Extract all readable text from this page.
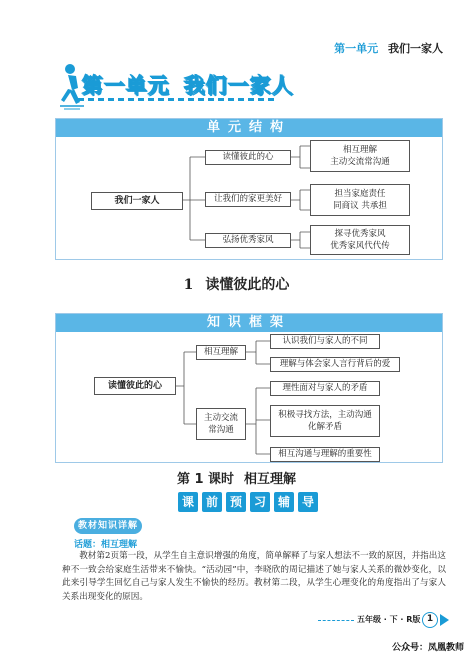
第一单元 我们一家人
第一单元 我们一家人
单元结构
我们一家人
读懂彼此的心
让我们的家更美好
弘扬优秀家风
相互理解
主动交流常沟通
担当家庭责任
同商议 共承担
探寻优秀家风
优秀家风代代传
1 读懂彼此的心
知识框架
读懂彼此的心
相互理解
主动交流
常沟通
认识我们与家人的不同
理解与体会家人言行背后的爱
理性面对与家人的矛盾
积极寻找方法，主动沟通
化解矛盾
相互沟通与理解的重要性
第 1 课时 相互理解
课 前 预 习 辅 导
教材知识详解
话题：相互理解
教材第2页第一段，从学生自主意识增强的角度，简单解释了与家人想法不一致的原因，并指出这种不一致会给家庭生活带来不愉快。“活动园”中，李晓欣的周记描述了她与家人关系的微妙变化，以此来引导学生回忆自己与家人发生不愉快的经历。教材第二段，从学生心理变化的角度指出了与家人关系出现变化的原因。
五年级 · 下 · R版 1
公众号：凤凰教师
